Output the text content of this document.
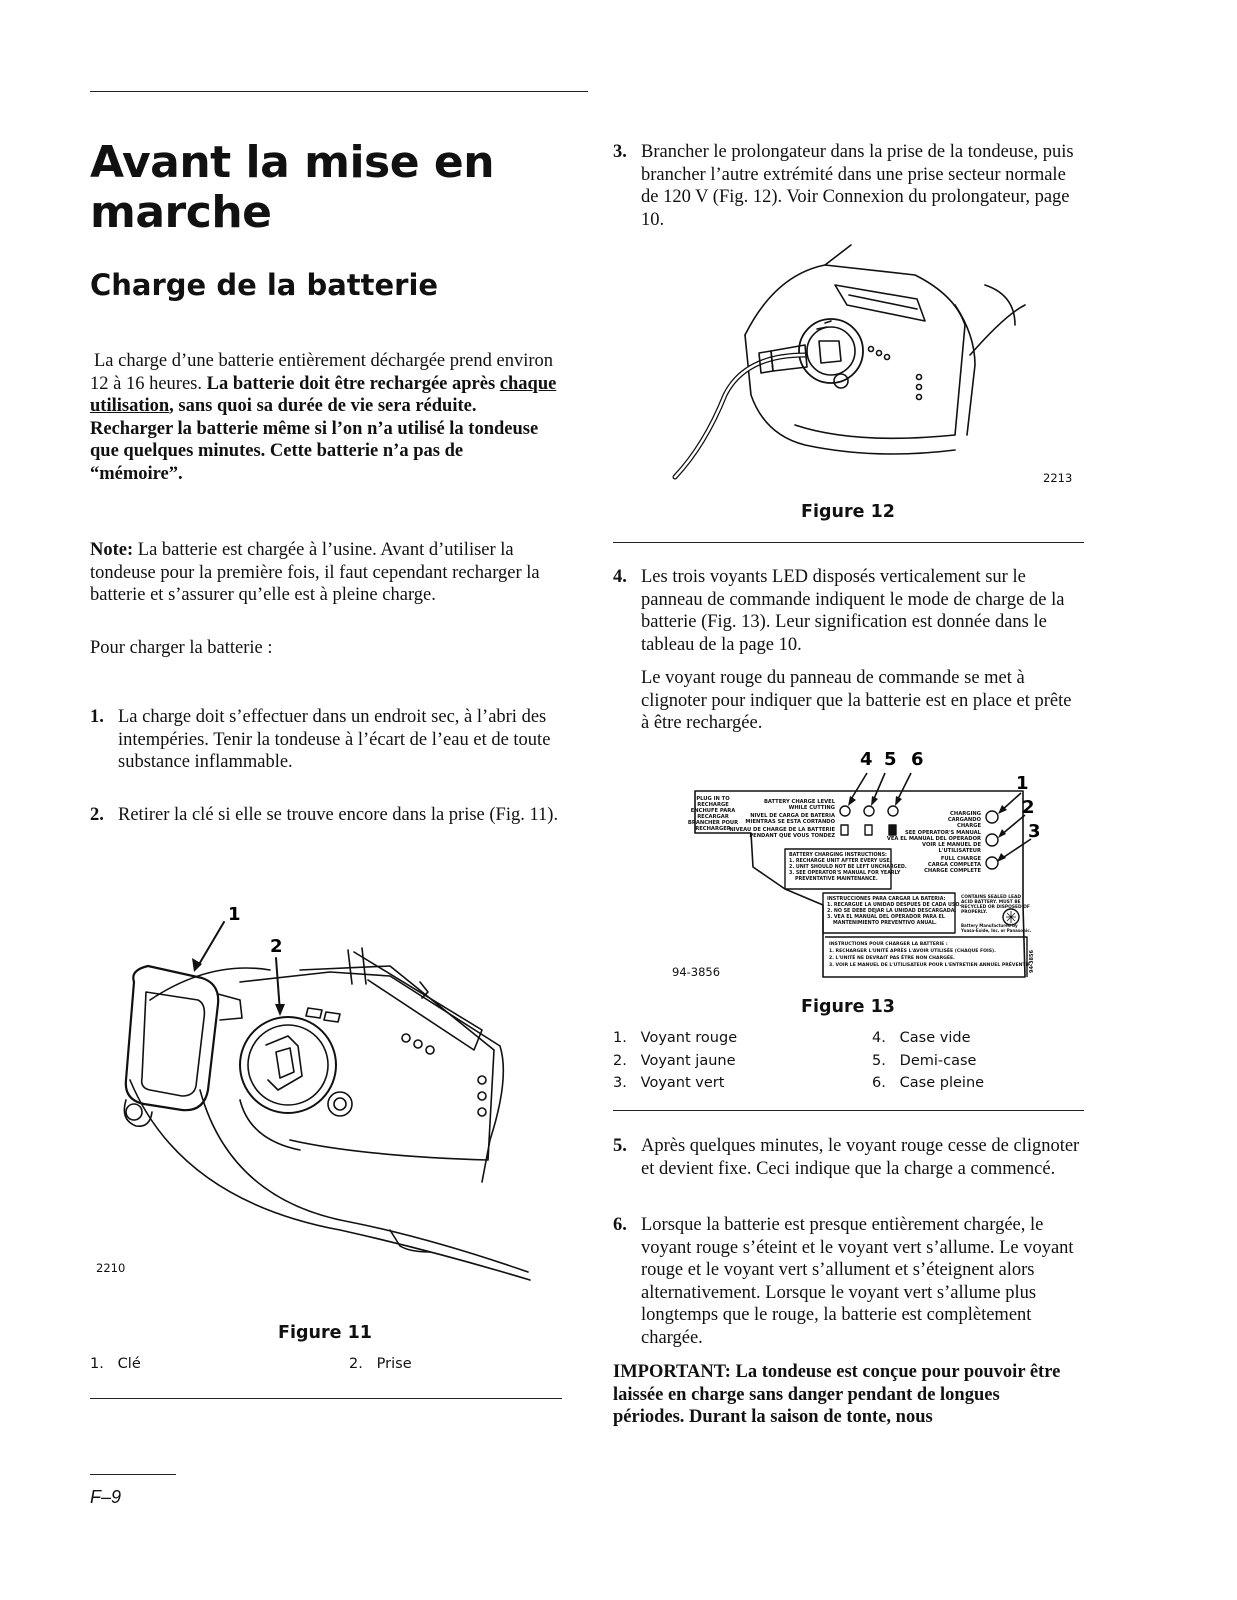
Avant la mise en marche
Charge de la batterie
La charge d’une batterie entièrement déchargée prend environ 12 à 16 heures. La batterie doit être rechargée après chaque utilisation, sans quoi sa durée de vie sera réduite. Recharger la batterie même si l’on n’a utilisé la tondeuse que quelques minutes. Cette batterie n’a pas de “mémoire”.
Note: La batterie est chargée à l’usine. Avant d’utiliser la tondeuse pour la première fois, il faut cependant recharger la batterie et s’assurer qu’elle est à pleine charge.
Pour charger la batterie :
1. La charge doit s’effectuer dans un endroit sec, à l’abri des intempéries. Tenir la tondeuse à l’écart de l’eau et de toute substance inflammable.
2. Retirer la clé si elle se trouve encore dans la prise (Fig. 11).
1
2
2210
Figure 11
1. Clé	2. Prise
F–9
3. Brancher le prolongateur dans la prise de la tondeuse, puis brancher l’autre extrémité dans une prise secteur normale de 120 V (Fig. 12). Voir Connexion du prolongateur, page 10.
2213
Figure 12
4. Les trois voyants LED disposés verticalement sur le panneau de commande indiquent le mode de charge de la batterie (Fig. 13). Leur signification est donnée dans le tableau de la page 10.
Le voyant rouge du panneau de commande se met à clignoter pour indiquer que la batterie est en place et prête à être rechargée.
4 5 6
1
2
3
PLUG IN TO
RECHARGE
ENCHUFE PARA
RECARGAR
BRANCHER POUR
RECHARGER
BATTERY CHARGE LEVEL
WHILE CUTTING
NIVEL DE CARGA DE BATERIA
MIENTRAS SE ESTA CORTANDO
NIVEAU DE CHARGE DE LA BATTERIE
PENDANT QUE VOUS TONDEZ
CHARGING
CARGANDO
CHARGE
SEE OPERATOR'S MANUAL
VEA EL MANUAL DEL OPERADOR
VOIR LE MANUEL DE
L'UTILISATEUR
FULL CHARGE
CARGA COMPLETA
CHARGE COMPLETE
BATTERY CHARGING INSTRUCTIONS:
1. RECHARGE UNIT AFTER EVERY USE.
2. UNIT SHOULD NOT BE LEFT UNCHARGED.
3. SEE OPERATOR'S MANUAL FOR YEARLY
PREVENTATIVE MAINTENANCE.
INSTRUCCIONES PARA CARGAR LA BATERIA:
1. RECARGUE LA UNIDAD DESPUES DE CADA USO.
2. NO SE DEBE DEJAR LA UNIDAD DESCARGADA.
3. VEA EL MANUAL DEL OPERADOR PARA EL
MANTENIMIENTO PREVENTIVO ANUAL.
INSTRUCTIONS POUR CHARGER LA BATTERIE :
1. RECHARGER L'UNITÉ APRÈS L'AVOIR UTILISÉE (CHAQUE FOIS).
2. L'UNITÉ NE DEVRAIT PAS ÊTRE NON CHARGÉE.
3. VOIR LE MANUEL DE L'UTILISATEUR POUR L'ENTRETIEN ANNUEL PRÉVENTIF.
CONTAINS SEALED LEAD
ACID BATTERY. MUST BE
RECYCLED OR DISPOSED OF
PROPERLY.
Battery Manufactured by
Yuasa-Exide, Inc. or Panasonic.
94-3856
94-3856
Figure 13
1. Voyant rouge
2. Voyant jaune
3. Voyant vert
4. Case vide
5. Demi-case
6. Case pleine
5. Après quelques minutes, le voyant rouge cesse de clignoter et devient fixe. Ceci indique que la charge a commencé.
6. Lorsque la batterie est presque entièrement chargée, le voyant rouge s’éteint et le voyant vert s’allume. Le voyant rouge et le voyant vert s’allument et s’éteignent alors alternativement. Lorsque le voyant vert s’allume plus longtemps que le rouge, la batterie est complètement chargée.
IMPORTANT: La tondeuse est conçue pour pouvoir être laissée en charge sans danger pendant de longues périodes. Durant la saison de tonte, nous
